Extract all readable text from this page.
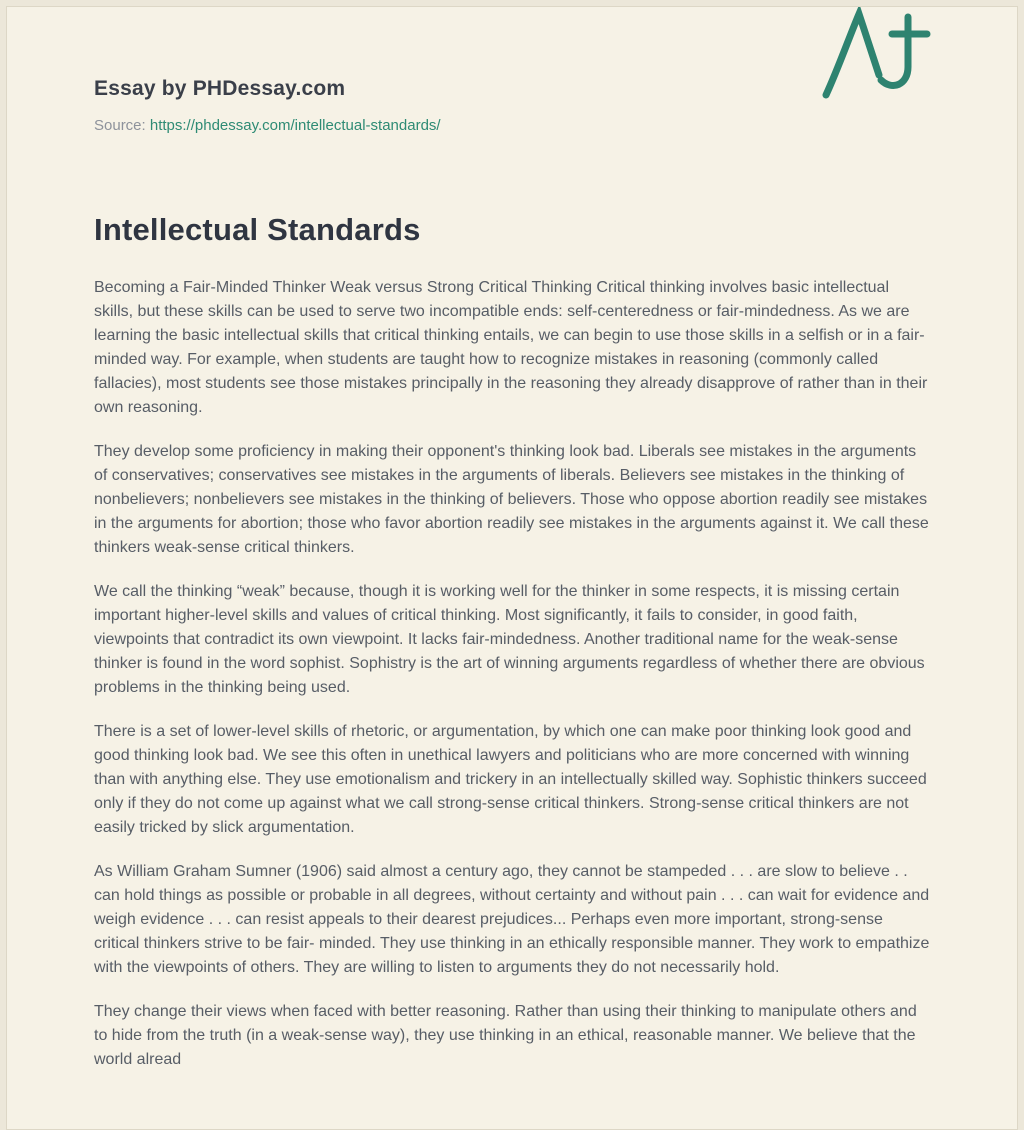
Essay by PHDessay.com
Source: https://phdessay.com/intellectual-standards/
Intellectual Standards

Becoming a Fair-Minded Thinker Weak versus Strong Critical Thinking Critical thinking involves basic intellectual skills, but these skills can be used to serve two incompatible ends: self-centeredness or fair-mindedness. As we are learning the basic intellectual skills that critical thinking entails, we can begin to use those skills in a selfish or in a fair-minded way. For example, when students are taught how to recognize mistakes in reasoning (commonly called fallacies), most students see those mistakes principally in the reasoning they already disapprove of rather than in their own reasoning.

They develop some proficiency in making their opponent's thinking look bad. Liberals see mistakes in the arguments of conservatives; conservatives see mistakes in the arguments of liberals. Believers see mistakes in the thinking of nonbelievers; nonbelievers see mistakes in the thinking of believers. Those who oppose abortion readily see mistakes in the arguments for abortion; those who favor abortion readily see mistakes in the arguments against it. We call these thinkers weak-sense critical thinkers.

We call the thinking “weak” because, though it is working well for the thinker in some respects, it is missing certain important higher-level skills and values of critical thinking. Most significantly, it fails to consider, in good faith, viewpoints that contradict its own viewpoint. It lacks fair-mindedness. Another traditional name for the weak-sense thinker is found in the word sophist. Sophistry is the art of winning arguments regardless of whether there are obvious problems in the thinking being used.

There is a set of lower-level skills of rhetoric, or argumentation, by which one can make poor thinking look good and good thinking look bad. We see this often in unethical lawyers and politicians who are more concerned with winning than with anything else. They use emotionalism and trickery in an intellectually skilled way. Sophistic thinkers succeed only if they do not come up against what we call strong-sense critical thinkers. Strong-sense critical thinkers are not easily tricked by slick argumentation.

As William Graham Sumner (1906) said almost a century ago, they cannot be stampeded . . . are slow to believe . . can hold things as possible or probable in all degrees, without certainty and without pain . . . can wait for evidence and weigh evidence . . . can resist appeals to their dearest prejudices... Perhaps even more important, strong-sense critical thinkers strive to be fair- minded. They use thinking in an ethically responsible manner. They work to empathize with the viewpoints of others. They are willing to listen to arguments they do not necessarily hold.

They change their views when faced with better reasoning. Rather than using their thinking to manipulate others and to hide from the truth (in a weak-sense way), they use thinking in an ethical, reasonable manner. We believe that the world alread
